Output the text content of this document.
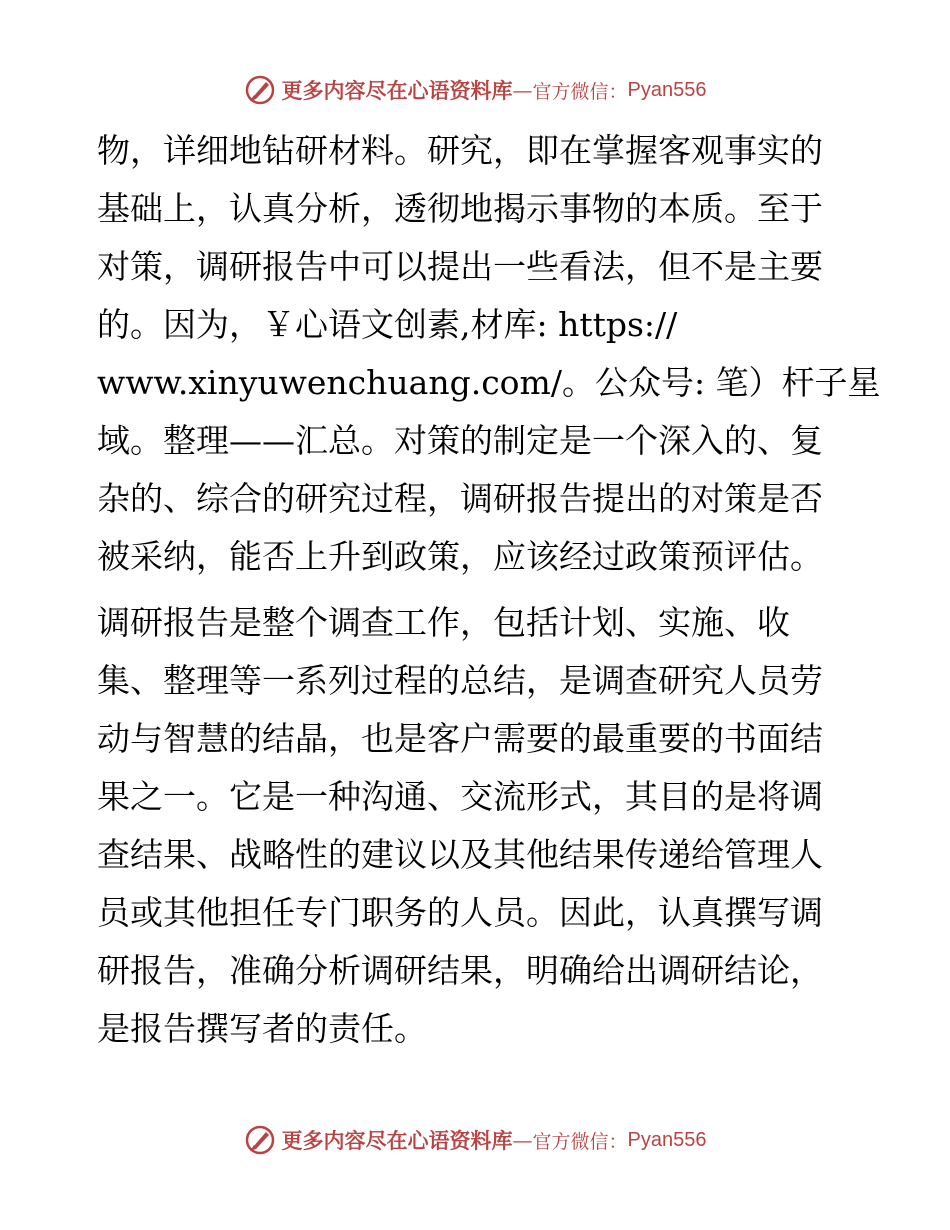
更多内容尽在心语资料库 — 官方微信： Pyan556
物，详细地钻研材料。研究，即在掌握客观事实的
基础上，认真分析，透彻地揭示事物的本质。至于
对策，调研报告中可以提出一些看法，但不是主要
的。因为，￥心语文创素,材库: https://
www.xinyuwenchuang.com/。公众号: 笔）杆子星
域。整理——汇总。对策的制定是一个深入的、复
杂的、综合的研究过程，调研报告提出的对策是否
被采纳，能否上升到政策，应该经过政策预评估。
调研报告是整个调查工作，包括计划、实施、收
集、整理等一系列过程的总结，是调查研究人员劳
动与智慧的结晶，也是客户需要的最重要的书面结
果之一。它是一种沟通、交流形式，其目的是将调
查结果、战略性的建议以及其他结果传递给管理人
员或其他担任专门职务的人员。因此，认真撰写调
研报告，准确分析调研结果，明确给出调研结论，
是报告撰写者的责任。
更多内容尽在心语资料库 — 官方微信： Pyan556
